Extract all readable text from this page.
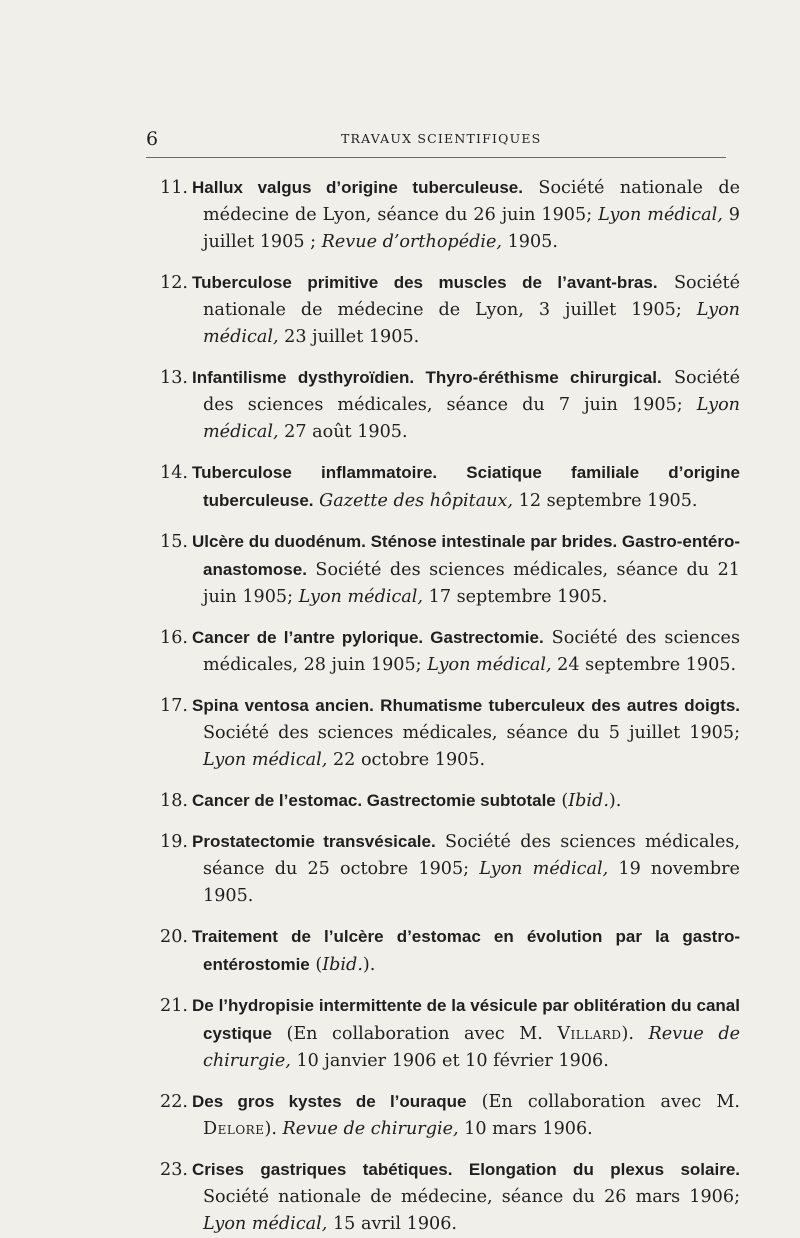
6	TRAVAUX SCIENTIFIQUES

11. Hallux valgus d’origine tuberculeuse. Société nationale de médecine de Lyon, séance du 26 juin 1905; Lyon médical, 9 juillet 1905 ; Revue d’orthopédie, 1905.

12. Tuberculose primitive des muscles de l’avant-bras. Société nationale de médecine de Lyon, 3 juillet 1905; Lyon médical, 23 juillet 1905.

13. Infantilisme dysthyroïdien. Thyro-éréthisme chirurgical. Société des sciences médicales, séance du 7 juin 1905; Lyon médical, 27 août 1905.

14. Tuberculose inflammatoire. Sciatique familiale d’origine tuberculeuse. Gazette des hôpitaux, 12 septembre 1905.

15. Ulcère du duodénum. Sténose intestinale par brides. Gastro-entéro-anastomose. Société des sciences médicales, séance du 21 juin 1905; Lyon médical, 17 septembre 1905.

16. Cancer de l’antre pylorique. Gastrectomie. Société des sciences médicales, 28 juin 1905; Lyon médical, 24 septembre 1905.

17. Spina ventosa ancien. Rhumatisme tuberculeux des autres doigts. Société des sciences médicales, séance du 5 juillet 1905; Lyon médical, 22 octobre 1905.

18. Cancer de l’estomac. Gastrectomie subtotale (Ibid.).

19. Prostatectomie transvésicale. Société des sciences médicales, séance du 25 octobre 1905; Lyon médical, 19 novembre 1905.

20. Traitement de l’ulcère d’estomac en évolution par la gastro-entérostomie (Ibid.).

21. De l’hydropisie intermittente de la vésicule par oblitération du canal cystique (En collaboration avec M. Villard). Revue de chirurgie, 10 janvier 1906 et 10 février 1906.

22. Des gros kystes de l’ouraque (En collaboration avec M. Delore). Revue de chirurgie, 10 mars 1906.

23. Crises gastriques tabétiques. Elongation du plexus solaire. Société nationale de médecine, séance du 26 mars 1906; Lyon médical, 15 avril 1906.
